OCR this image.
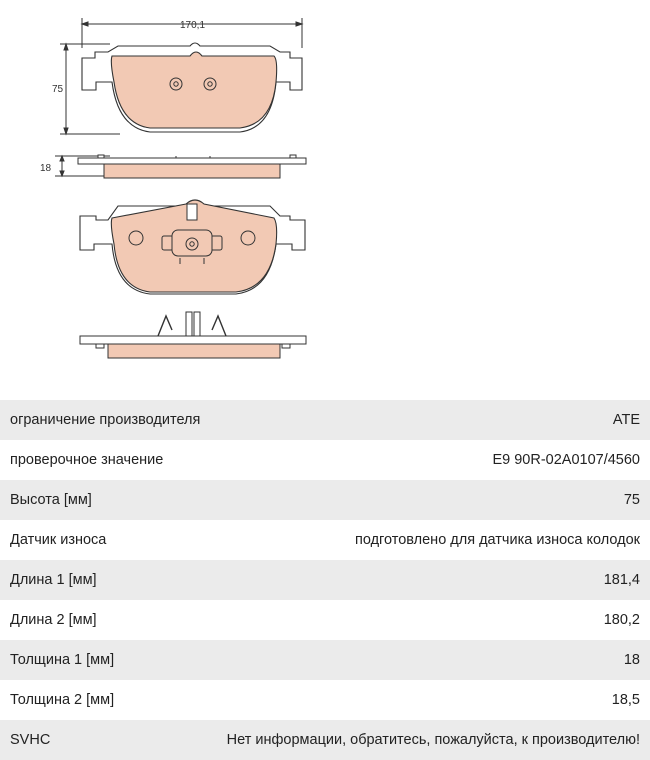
170,1
75
18
ограничение производителя	ATE
проверочное значение	E9 90R-02A0107/4560
Высота [мм]	75
Датчик износа	подготовлено для датчика износа колодок
Длина 1 [мм]	181,4
Длина 2 [мм]	180,2
Толщина 1 [мм]	18
Толщина 2 [мм]	18,5
SVHC	Нет информации, обратитесь, пожалуйста, к производителю!
